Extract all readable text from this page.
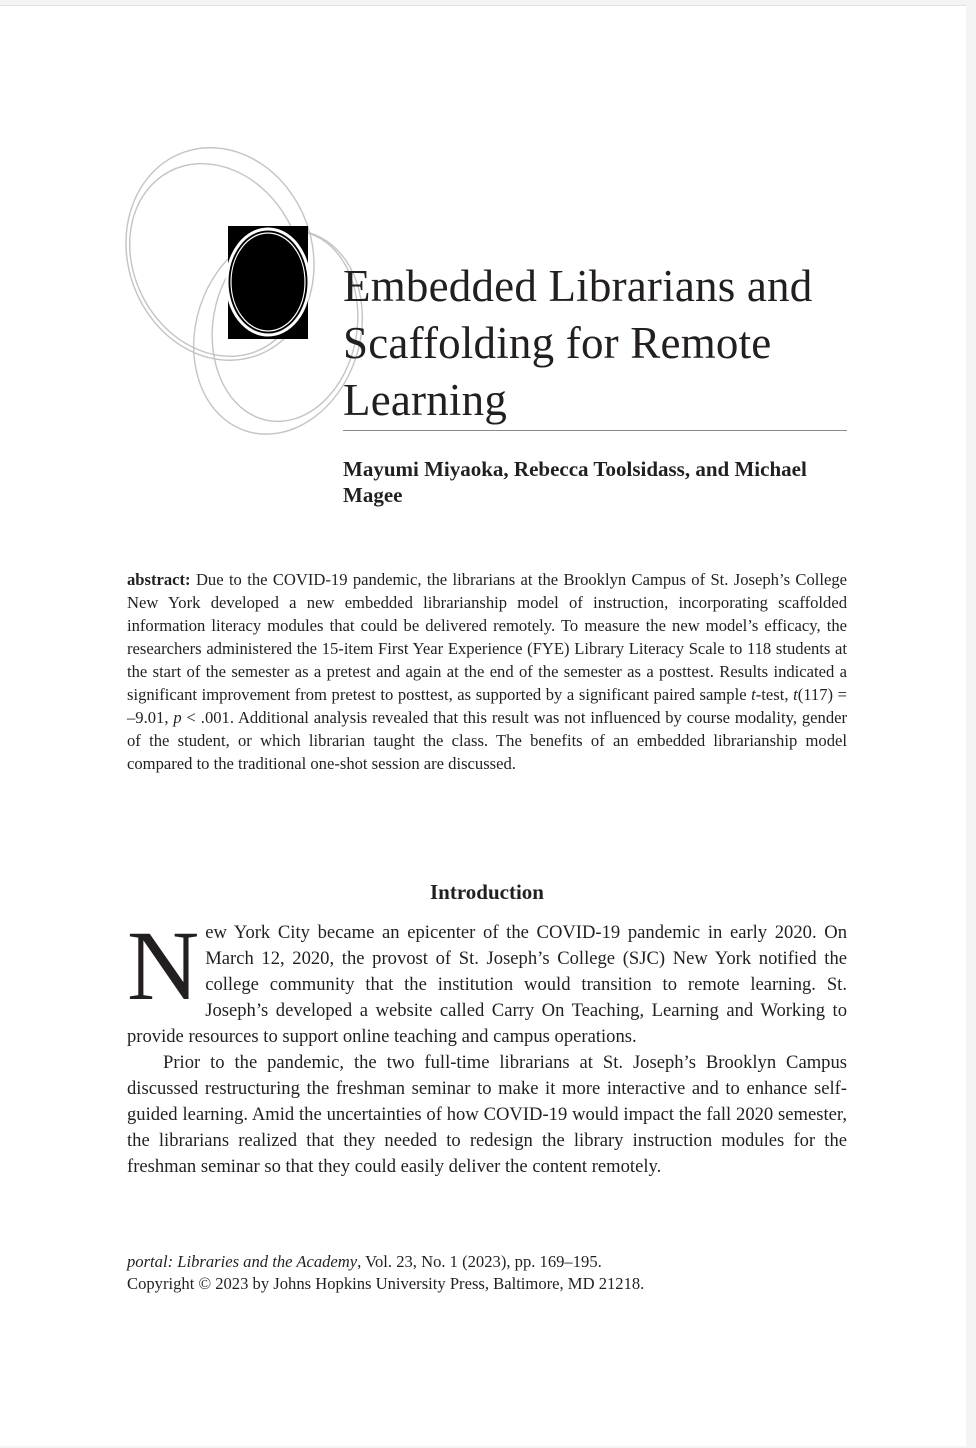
Embedded Librarians and Scaffolding for Remote Learning
Mayumi Miyaoka, Rebecca Toolsidass, and Michael Magee

abstract: Due to the COVID-19 pandemic, the librarians at the Brooklyn Campus of St. Joseph’s College New York developed a new embedded librarianship model of instruction, incorporating scaffolded information literacy modules that could be delivered remotely. To measure the new model’s efficacy, the researchers administered the 15-item First Year Experience (FYE) Library Literacy Scale to 118 students at the start of the semester as a pretest and again at the end of the semester as a posttest. Results indicated a significant improvement from pretest to posttest, as supported by a significant paired sample t-test, t(117) = –9.01, p < .001. Additional analysis revealed that this result was not influenced by course modality, gender of the student, or which librarian taught the class. The benefits of an embedded librarianship model compared to the traditional one-shot session are discussed.

Introduction

New York City became an epicenter of the COVID-19 pandemic in early 2020. On March 12, 2020, the provost of St. Joseph’s College (SJC) New York notified the college community that the institution would transition to remote learning. St. Joseph’s developed a website called Carry On Teaching, Learning and Working to provide resources to support online teaching and campus operations.

Prior to the pandemic, the two full-time librarians at St. Joseph’s Brooklyn Campus discussed restructuring the freshman seminar to make it more interactive and to enhance self-guided learning. Amid the uncertainties of how COVID-19 would impact the fall 2020 semester, the librarians realized that they needed to redesign the library instruction modules for the freshman seminar so that they could easily deliver the content remotely.

portal: Libraries and the Academy, Vol. 23, No. 1 (2023), pp. 169–195.
Copyright © 2023 by Johns Hopkins University Press, Baltimore, MD 21218.
